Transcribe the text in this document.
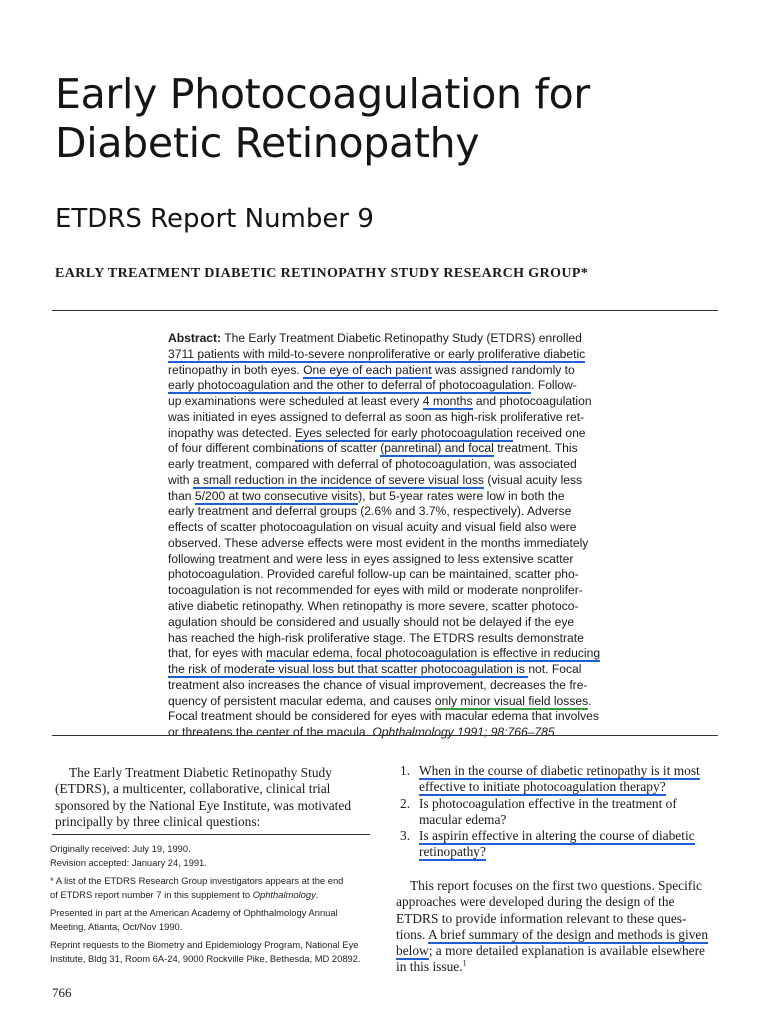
Early Photocoagulation for
Diabetic Retinopathy
ETDRS Report Number 9
EARLY TREATMENT DIABETIC RETINOPATHY STUDY RESEARCH GROUP*
Abstract: The Early Treatment Diabetic Retinopathy Study (ETDRS) enrolled
3711 patients with mild-to-severe nonproliferative or early proliferative diabetic
retinopathy in both eyes. One eye of each patient was assigned randomly to
early photocoagulation and the other to deferral of photocoagulation. Follow-
up examinations were scheduled at least every 4 months and photocoagulation
was initiated in eyes assigned to deferral as soon as high-risk proliferative ret-
inopathy was detected. Eyes selected for early photocoagulation received one
of four different combinations of scatter (panretinal) and focal treatment. This
early treatment, compared with deferral of photocoagulation, was associated
with a small reduction in the incidence of severe visual loss (visual acuity less
than 5/200 at two consecutive visits), but 5-year rates were low in both the
early treatment and deferral groups (2.6% and 3.7%, respectively). Adverse
effects of scatter photocoagulation on visual acuity and visual field also were
observed. These adverse effects were most evident in the months immediately
following treatment and were less in eyes assigned to less extensive scatter
photocoagulation. Provided careful follow-up can be maintained, scatter pho-
tocoagulation is not recommended for eyes with mild or moderate nonprolifer-
ative diabetic retinopathy. When retinopathy is more severe, scatter photoco-
agulation should be considered and usually should not be delayed if the eye
has reached the high-risk proliferative stage. The ETDRS results demonstrate
that, for eyes with macular edema, focal photocoagulation is effective in reducing
the risk of moderate visual loss but that scatter photocoagulation is not. Focal
treatment also increases the chance of visual improvement, decreases the fre-
quency of persistent macular edema, and causes only minor visual field losses.
Focal treatment should be considered for eyes with macular edema that involves
or threatens the center of the macula. Ophthalmology 1991; 98:766–785
The Early Treatment Diabetic Retinopathy Study
(ETDRS), a multicenter, collaborative, clinical trial
sponsored by the National Eye Institute, was motivated
principally by three clinical questions:
Originally received: July 19, 1990.
Revision accepted: January 24, 1991.
* A list of the ETDRS Research Group investigators appears at the end
of ETDRS report number 7 in this supplement to Ophthalmology.
Presented in part at the American Academy of Ophthalmology Annual
Meeting, Atlanta, Oct/Nov 1990.
Reprint requests to the Biometry and Epidemiology Program, National Eye
Institute, Bldg 31, Room 6A-24, 9000 Rockville Pike, Bethesda, MD 20892.
1. When in the course of diabetic retinopathy is it most
effective to initiate photocoagulation therapy?
2. Is photocoagulation effective in the treatment of
macular edema?
3. Is aspirin effective in altering the course of diabetic
retinopathy?
This report focuses on the first two questions. Specific
approaches were developed during the design of the
ETDRS to provide information relevant to these ques-
tions. A brief summary of the design and methods is given
below; a more detailed explanation is available elsewhere
in this issue.$^1$
766
